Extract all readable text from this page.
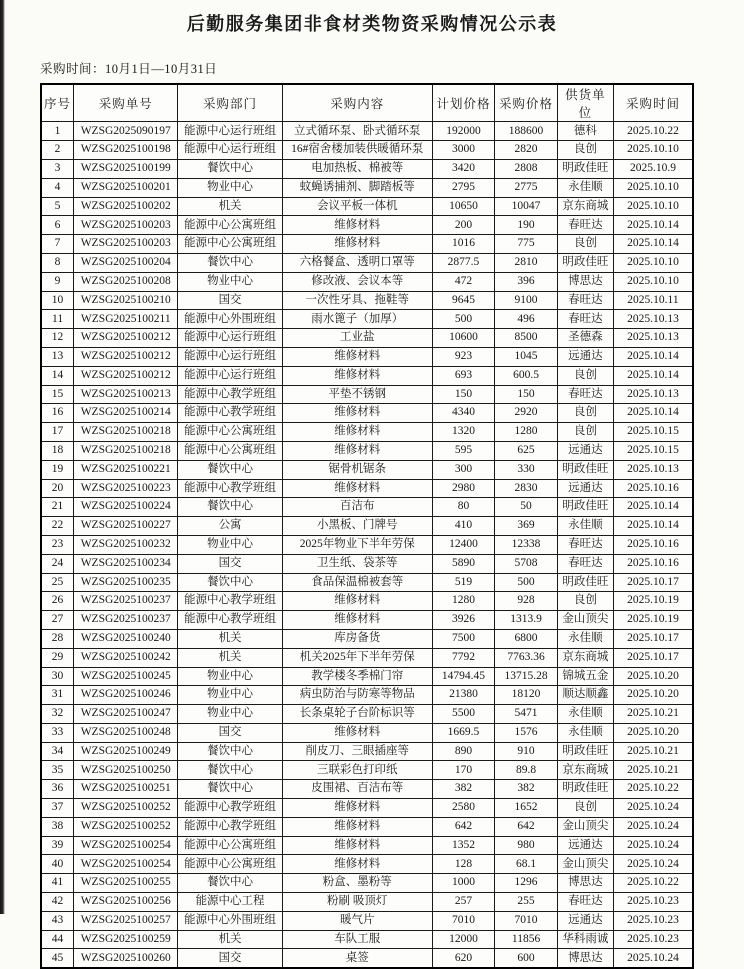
后勤服务集团非食材类物资采购情况公示表
采购时间：10月1日—10月31日
序号	采购单号	采购部门	采购内容	计划价格	采购价格	供货单位	采购时间
1	WZSG2025090197	能源中心运行班组	立式循环泵、卧式循环泵	192000	188600	德科	2025.10.22
2	WZSG2025100198	能源中心运行班组	16#宿舍楼加装供暖循环泵	3000	2820	良创	2025.10.10
3	WZSG2025100199	餐饮中心	电加热板、棉被等	3420	2808	明政佳旺	2025.10.9
4	WZSG2025100201	物业中心	蚊蝇诱捕剂、脚踏板等	2795	2775	永佳顺	2025.10.10
5	WZSG2025100202	机关	会议平板一体机	10650	10047	京东商城	2025.10.10
6	WZSG2025100203	能源中心公寓班组	维修材料	200	190	春旺达	2025.10.14
7	WZSG2025100203	能源中心公寓班组	维修材料	1016	775	良创	2025.10.14
8	WZSG2025100204	餐饮中心	六格餐盒、透明口罩等	2877.5	2810	明政佳旺	2025.10.10
9	WZSG2025100208	物业中心	修改液、会议本等	472	396	博思达	2025.10.10
10	WZSG2025100210	国交	一次性牙具、拖鞋等	9645	9100	春旺达	2025.10.11
11	WZSG2025100211	能源中心外围班组	雨水篦子（加厚）	500	496	春旺达	2025.10.13
12	WZSG2025100212	能源中心运行班组	工业盐	10600	8500	圣德森	2025.10.13
13	WZSG2025100212	能源中心运行班组	维修材料	923	1045	远通达	2025.10.14
14	WZSG2025100212	能源中心运行班组	维修材料	693	600.5	良创	2025.10.14
15	WZSG2025100213	能源中心教学班组	平垫不锈钢	150	150	春旺达	2025.10.13
16	WZSG2025100214	能源中心教学班组	维修材料	4340	2920	良创	2025.10.14
17	WZSG2025100218	能源中心公寓班组	维修材料	1320	1280	良创	2025.10.15
18	WZSG2025100218	能源中心公寓班组	维修材料	595	625	远通达	2025.10.15
19	WZSG2025100221	餐饮中心	锯骨机锯条	300	330	明政佳旺	2025.10.13
20	WZSG2025100223	能源中心教学班组	维修材料	2980	2830	远通达	2025.10.16
21	WZSG2025100224	餐饮中心	百洁布	80	50	明政佳旺	2025.10.14
22	WZSG2025100227	公寓	小黑板、门牌号	410	369	永佳顺	2025.10.14
23	WZSG2025100232	物业中心	2025年物业下半年劳保	12400	12338	春旺达	2025.10.16
24	WZSG2025100234	国交	卫生纸、袋茶等	5890	5708	春旺达	2025.10.16
25	WZSG2025100235	餐饮中心	食品保温棉被套等	519	500	明政佳旺	2025.10.17
26	WZSG2025100237	能源中心教学班组	维修材料	1280	928	良创	2025.10.19
27	WZSG2025100237	能源中心教学班组	维修材料	3926	1313.9	金山顶尖	2025.10.19
28	WZSG2025100240	机关	库房备货	7500	6800	永佳顺	2025.10.17
29	WZSG2025100242	机关	机关2025年下半年劳保	7792	7763.36	京东商城	2025.10.17
30	WZSG2025100245	物业中心	教学楼冬季棉门帘	14794.45	13715.28	锦城五金	2025.10.20
31	WZSG2025100246	物业中心	病虫防治与防寒等物品	21380	18120	顺达顺鑫	2025.10.20
32	WZSG2025100247	物业中心	长条桌轮子台阶标识等	5500	5471	永佳顺	2025.10.21
33	WZSG2025100248	国交	维修材料	1669.5	1576	永佳顺	2025.10.20
34	WZSG2025100249	餐饮中心	削皮刀、三眼插座等	890	910	明政佳旺	2025.10.21
35	WZSG2025100250	餐饮中心	三联彩色打印纸	170	89.8	京东商城	2025.10.21
36	WZSG2025100251	餐饮中心	皮围裙、百洁布等	382	382	明政佳旺	2025.10.22
37	WZSG2025100252	能源中心教学班组	维修材料	2580	1652	良创	2025.10.24
38	WZSG2025100252	能源中心教学班组	维修材料	642	642	金山顶尖	2025.10.24
39	WZSG2025100254	能源中心公寓班组	维修材料	1352	980	远通达	2025.10.24
40	WZSG2025100254	能源中心公寓班组	维修材料	128	68.1	金山顶尖	2025.10.24
41	WZSG2025100255	餐饮中心	粉盒、墨粉等	1000	1296	博思达	2025.10.22
42	WZSG2025100256	能源中心工程	粉刷 吸顶灯	257	255	春旺达	2025.10.23
43	WZSG2025100257	能源中心外围班组	暖气片	7010	7010	远通达	2025.10.23
44	WZSG2025100259	机关	车队工服	12000	11856	华科雨诚	2025.10.23
45	WZSG2025100260	国交	桌签	620	600	博思达	2025.10.24
